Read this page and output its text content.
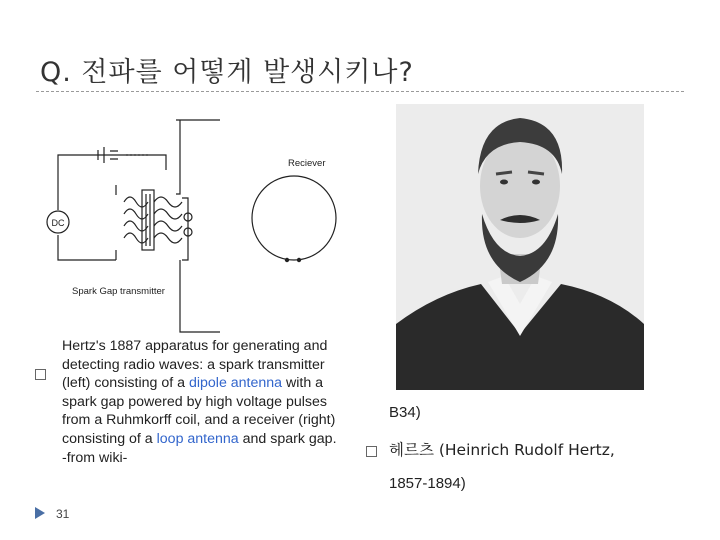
Q. 전파를 어떻게 발생시키나?
DC
Reciever
Spark Gap transmitter
Hertz's 1887 apparatus for generating and
detecting radio waves: a spark transmitter
(left) consisting of a dipole antenna with a
spark gap powered by high voltage pulses
from a Ruhmkorff coil, and a receiver (right)
consisting of a loop antenna and spark gap.
-from wiki-
B34)
헤르츠 (Heinrich Rudolf Hertz,
1857-1894)
31
